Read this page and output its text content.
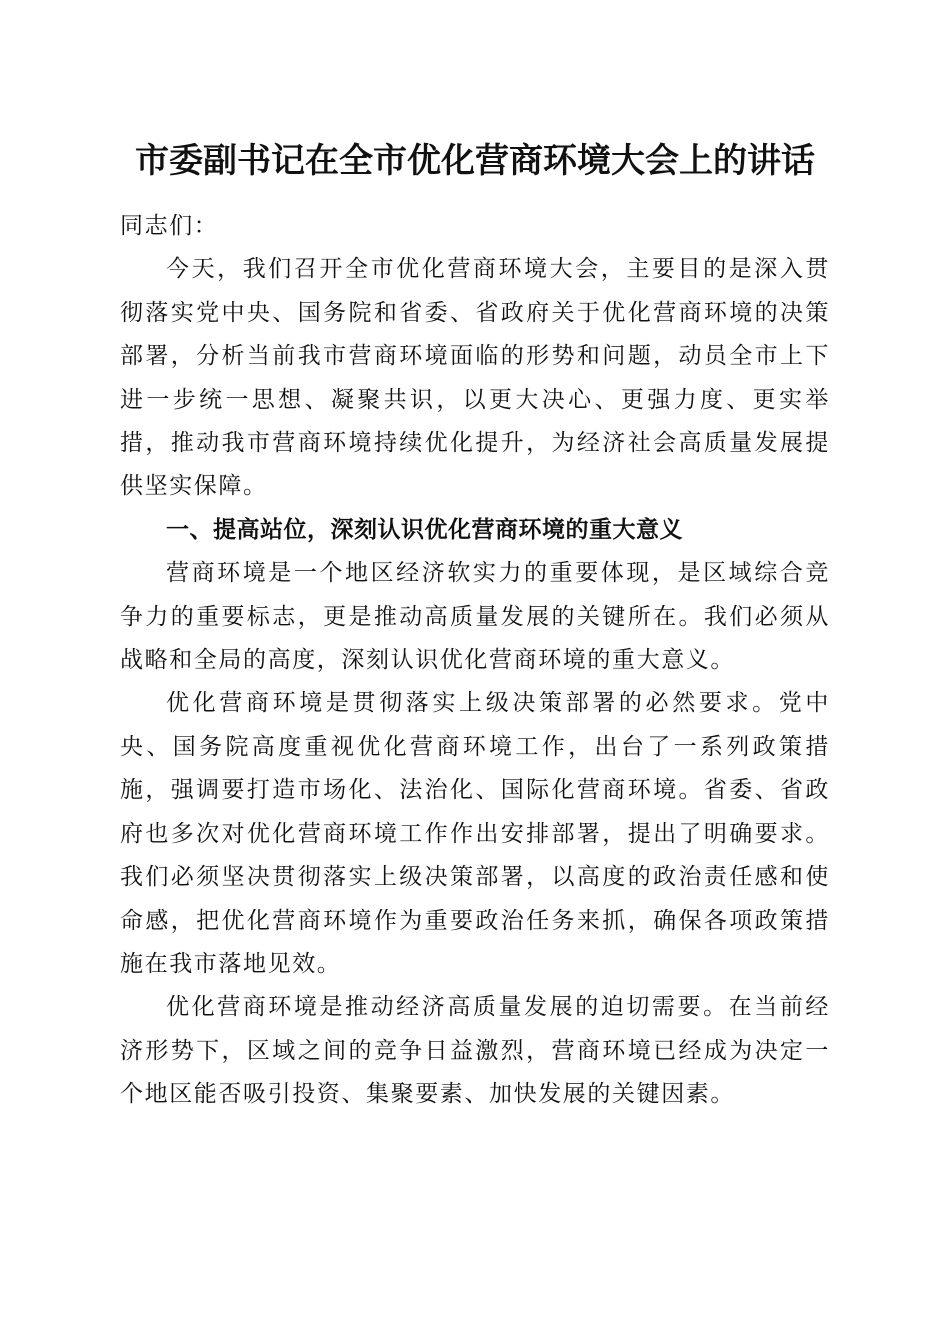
市委副书记在全市优化营商环境大会上的讲话

同志们：

今天，我们召开全市优化营商环境大会，主要目的是深入贯彻落实党中央、国务院和省委、省政府关于优化营商环境的决策部署，分析当前我市营商环境面临的形势和问题，动员全市上下进一步统一思想、凝聚共识，以更大决心、更强力度、更实举措，推动我市营商环境持续优化提升，为经济社会高质量发展提供坚实保障。

一、提高站位，深刻认识优化营商环境的重大意义

营商环境是一个地区经济软实力的重要体现，是区域综合竞争力的重要标志，更是推动高质量发展的关键所在。我们必须从战略和全局的高度，深刻认识优化营商环境的重大意义。

优化营商环境是贯彻落实上级决策部署的必然要求。党中央、国务院高度重视优化营商环境工作，出台了一系列政策措施，强调要打造市场化、法治化、国际化营商环境。省委、省政府也多次对优化营商环境工作作出安排部署，提出了明确要求。我们必须坚决贯彻落实上级决策部署，以高度的政治责任感和使命感，把优化营商环境作为重要政治任务来抓，确保各项政策措施在我市落地见效。

优化营商环境是推动经济高质量发展的迫切需要。在当前经济形势下，区域之间的竞争日益激烈，营商环境已经成为决定一个地区能否吸引投资、集聚要素、加快发展的关键因素。
